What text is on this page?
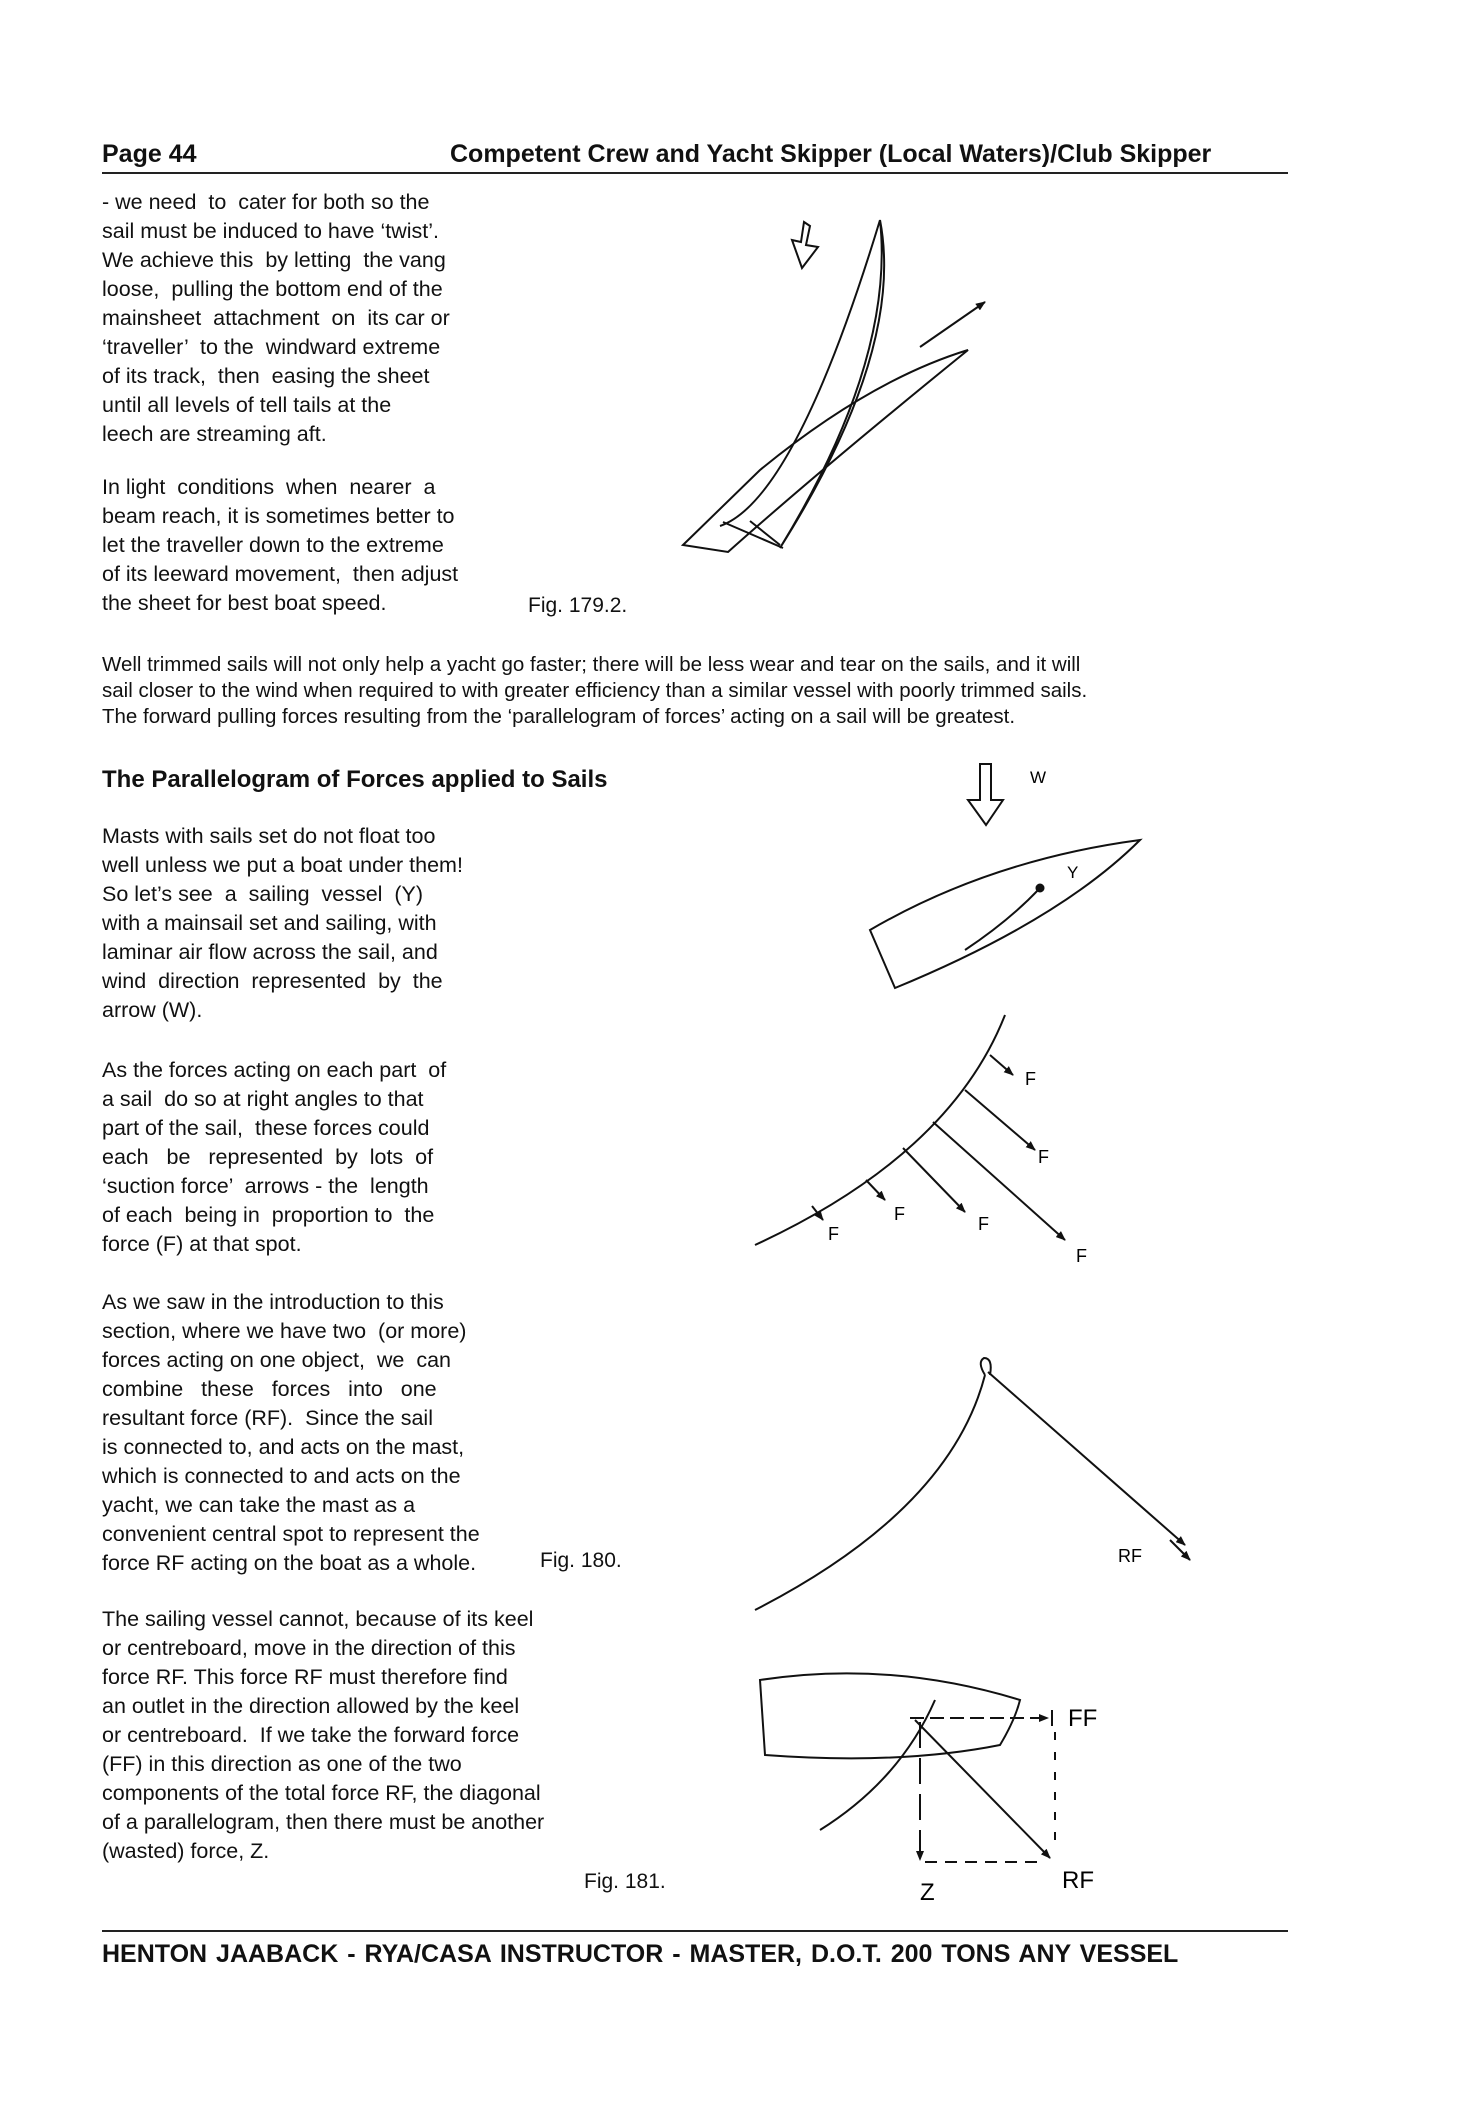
Page 44	Competent Crew and Yacht Skipper (Local Waters)/Club Skipper
- we need  to  cater for both so the
sail must be induced to have ‘twist’.
We achieve this  by letting  the vang
loose,  pulling the bottom end of the
mainsheet  attachment  on  its car or
‘traveller’  to the  windward extreme
of its track,  then  easing the sheet
until all levels of tell tails at the
leech are streaming aft.
In light  conditions  when  nearer  a
beam reach, it is sometimes better to
let the traveller down to the extreme
of its leeward movement,  then adjust
the sheet for best boat speed.	Fig. 179.2.
Well trimmed sails will not only help a yacht go faster; there will be less wear and tear on the sails, and it will
sail closer to the wind when required to with greater efficiency than a similar vessel with poorly trimmed sails.
The forward pulling forces resulting from the ‘parallelogram of forces’ acting on a sail will be greatest.
The Parallelogram of Forces applied to Sails
Masts with sails set do not float too
well unless we put a boat under them!
So let’s see  a  sailing  vessel  (Y)
with a mainsail set and sailing, with
laminar air flow across the sail, and
wind  direction  represented  by  the
arrow (W).
As the forces acting on each part  of
a sail  do so at right angles to that
part of the sail,  these forces could
each   be   represented  by  lots  of
‘suction force’  arrows - the  length
of each  being in  proportion to  the
force (F) at that spot.
As we saw in the introduction to this
section, where we have two  (or more)
forces acting on one object,  we  can
combine   these   forces   into   one
resultant force (RF).  Since the sail
is connected to, and acts on the mast,
which is connected to and acts on the
yacht, we can take the mast as a
convenient central spot to represent the
force RF acting on the boat as a whole.	Fig. 180.
The sailing vessel cannot, because of its keel
or centreboard, move in the direction of this
force RF. This force RF must therefore find
an outlet in the direction allowed by the keel
or centreboard.  If we take the forward force
(FF) in this direction as one of the two
components of the total force RF, the diagonal
of a parallelogram, then there must be another
(wasted) force, Z.
Fig. 181.
HENTON JAABACK - RYA/CASA INSTRUCTOR - MASTER, D.O.T. 200 TONS ANY VESSEL
W
Y
F
F
F	F
F
F
RF
FF
Z	RF
